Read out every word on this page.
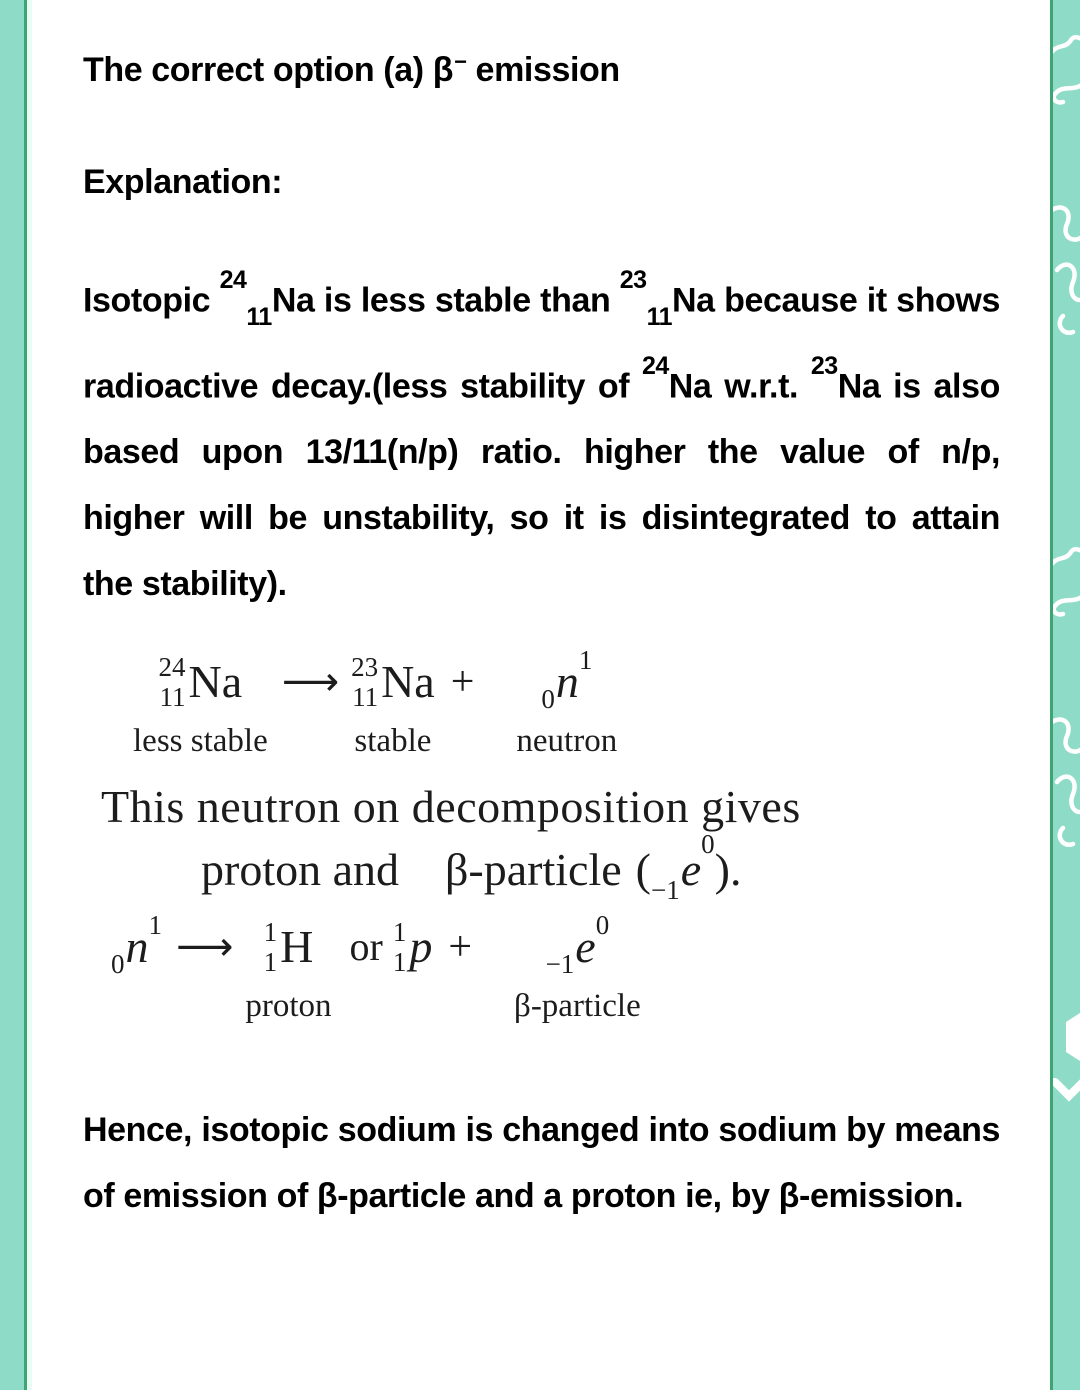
The correct option (a) β− emission

Explanation:

Isotopic $^{24}_{11}$Na is less stable than $^{23}_{11}$Na because it shows radioactive decay.(less stability of $^{24}$Na w.r.t. $^{23}$Na is also based upon 13/11(n/p) ratio. higher the value of n/p, higher will be unstability, so it is disintegrated to attain the stability).

24
11 Na
less stable
⟶ 23
11 Na
stable
+ 0 n 1
neutron
This neutron on decomposition gives
proton and β-particle ( −1 e 0 ).
0 n 1 ⟶ 1
1 H
proton
or 1
1 p +	−1 e 0
β-particle

Hence, isotopic sodium is changed into sodium by means of emission of β-particle and a proton ie, by β-emission.
